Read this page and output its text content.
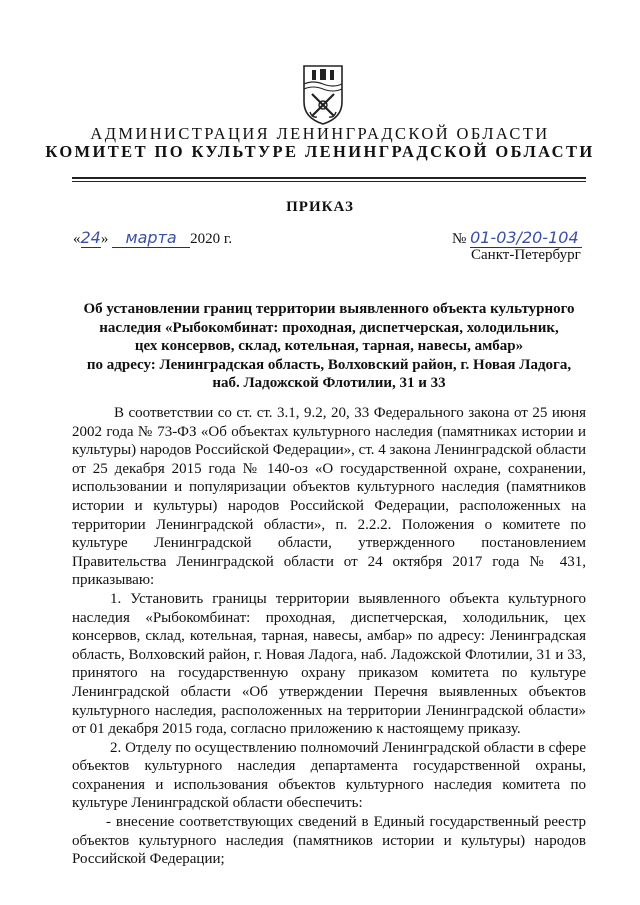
АДМИНИСТРАЦИЯ ЛЕНИНГРАДСКОЙ ОБЛАСТИ
КОМИТЕТ ПО КУЛЬТУРЕ ЛЕНИНГРАДСКОЙ ОБЛАСТИ
ПРИКАЗ
«24» марта 2020 г.	№ 01-03/20-104
Санкт-Петербург
Об установлении границ территории выявленного объекта культурного
наследия «Рыбокомбинат: проходная, диспетчерская, холодильник,
цех консервов, склад, котельная, тарная, навесы, амбар»
по адресу: Ленинградская область, Волховский район, г. Новая Ладога,
наб. Ладожской Флотилии, 31 и 33

В соответствии со ст. ст. 3.1, 9.2, 20, 33 Федерального закона от 25 июня 2002 года № 73-ФЗ «Об объектах культурного наследия (памятниках истории и культуры) народов Российской Федерации», ст. 4 закона Ленинградской области от 25 декабря 2015 года № 140-оз «О государственной охране, сохранении, использовании и популяризации объектов культурного наследия (памятников истории и культуры) народов Российской Федерации, расположенных на территории Ленинградской области», п. 2.2.2. Положения о комитете по культуре Ленинградской области, утвержденного постановлением Правительства Ленинградской области от 24 октября 2017 года № 431, приказываю:

1. Установить границы территории выявленного объекта культурного наследия «Рыбокомбинат: проходная, диспетчерская, холодильник, цех консервов, склад, котельная, тарная, навесы, амбар» по адресу: Ленинградская область, Волховский район, г. Новая Ладога, наб. Ладожской Флотилии, 31 и 33, принятого на государственную охрану приказом комитета по культуре Ленинградской области «Об утверждении Перечня выявленных объектов культурного наследия, расположенных на территории Ленинградской области» от 01 декабря 2015 года, согласно приложению к настоящему приказу.

2. Отделу по осуществлению полномочий Ленинградской области в сфере объектов культурного наследия департамента государственной охраны, сохранения и использования объектов культурного наследия комитета по культуре Ленинградской области обеспечить:

- внесение соответствующих сведений в Единый государственный реестр объектов культурного наследия (памятников истории и культуры) народов Российской Федерации;
